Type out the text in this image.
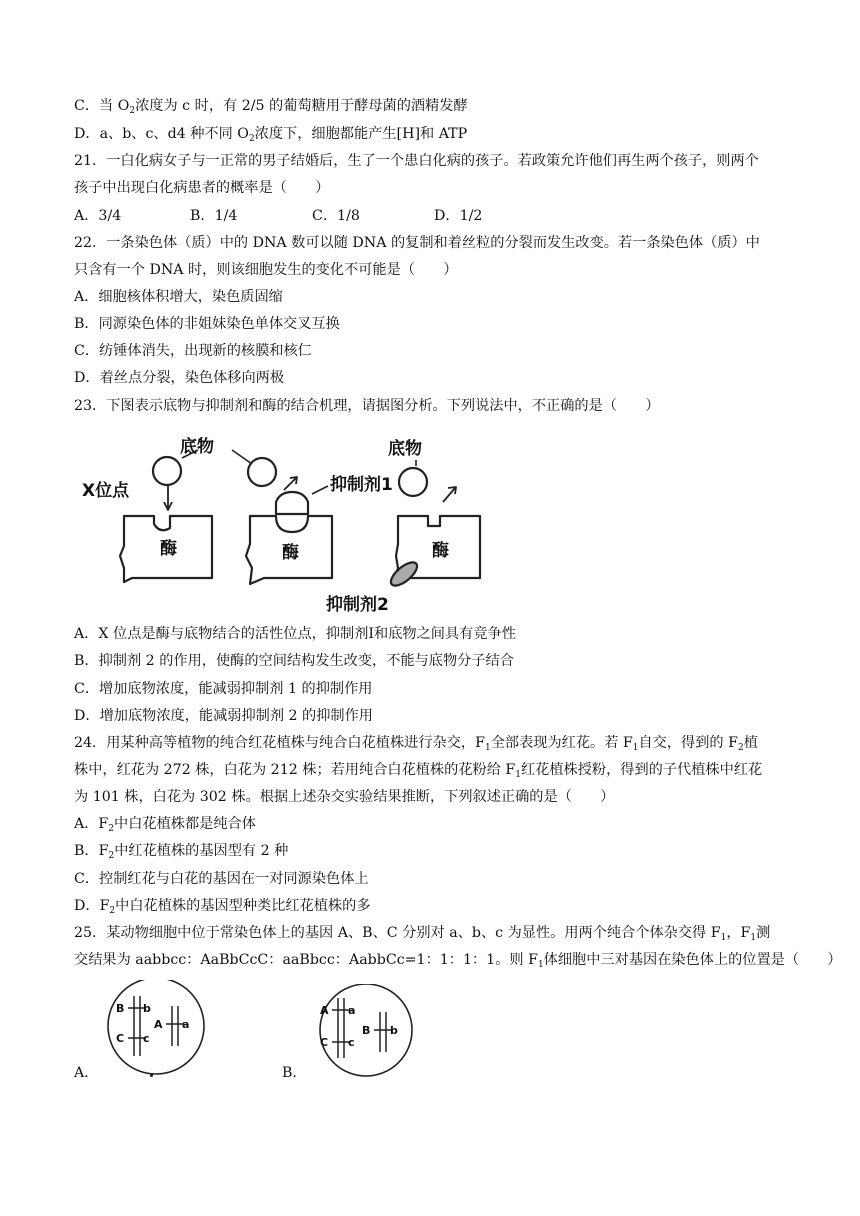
C．当 $O_2$浓度为 c 时，有 2/5 的葡萄糖用于酵母菌的酒精发酵
D．a、b、c、d4 种不同 $O_2$浓度下，细胞都能产生[H]和 ATP
21．一白化病女子与一正常的男子结婚后，生了一个患白化病的孩子。若政策允许他们再生两个孩子，则两个
孩子中出现白化病患者的概率是（　　）
A．3/4	B．1/4	C．1/8	D．1/2
22．一条染色体（质）中的 DNA 数可以随 DNA 的复制和着丝粒的分裂而发生改变。若一条染色体（质）中
只含有一个 DNA 时，则该细胞发生的变化不可能是（　　）
A．细胞核体积增大，染色质固缩
B．同源染色体的非姐妹染色单体交叉互换
C．纺锤体消失，出现新的核膜和核仁
D．着丝点分裂，染色体移向两极
23．下图表示底物与抑制剂和酶的结合机理，请据图分析。下列说法中，不正确的是（　　）
底物
X位点	抑制剂1
底物
抑制剂2
酶	酶	酶
A．X 位点是酶与底物结合的活性位点，抑制剂I和底物之间具有竞争性
B．抑制剂 2 的作用，使酶的空间结构发生改变，不能与底物分子结合
C．增加底物浓度，能减弱抑制剂 1 的抑制作用
D．增加底物浓度，能减弱抑制剂 2 的抑制作用
24．用某种高等植物的纯合红花植株与纯合白花植株进行杂交，$F_1$全部表现为红花。若 $F_1$自交，得到的 $F_2$植
株中，红花为 272 株，白花为 212 株；若用纯合白花植株的花粉给 $F_1$红花植株授粉，得到的子代植株中红花
为 101 株，白花为 302 株。根据上述杂交实验结果推断，下列叙述正确的是（　　）
A．$F_2$中白花植株都是纯合体
B．$F_2$中红花植株的基因型有 2 种
C．控制红花与白花的基因在一对同源染色体上
D．$F_2$中白花植株的基因型种类比红花植株的多
25．某动物细胞中位于常染色体上的基因 A、B、C 分别对 a、b、c 为显性。用两个纯合个体杂交得 $F_1$，$F_1$测
交结果为 aabbcc：AaBbCcC：aaBbcc：AabbCc=1：1：1：1。则 $F_1$体细胞中三对基因在染色体上的位置是（　　）
B b
A a
C c
A a
B b
C c
A．	B．
